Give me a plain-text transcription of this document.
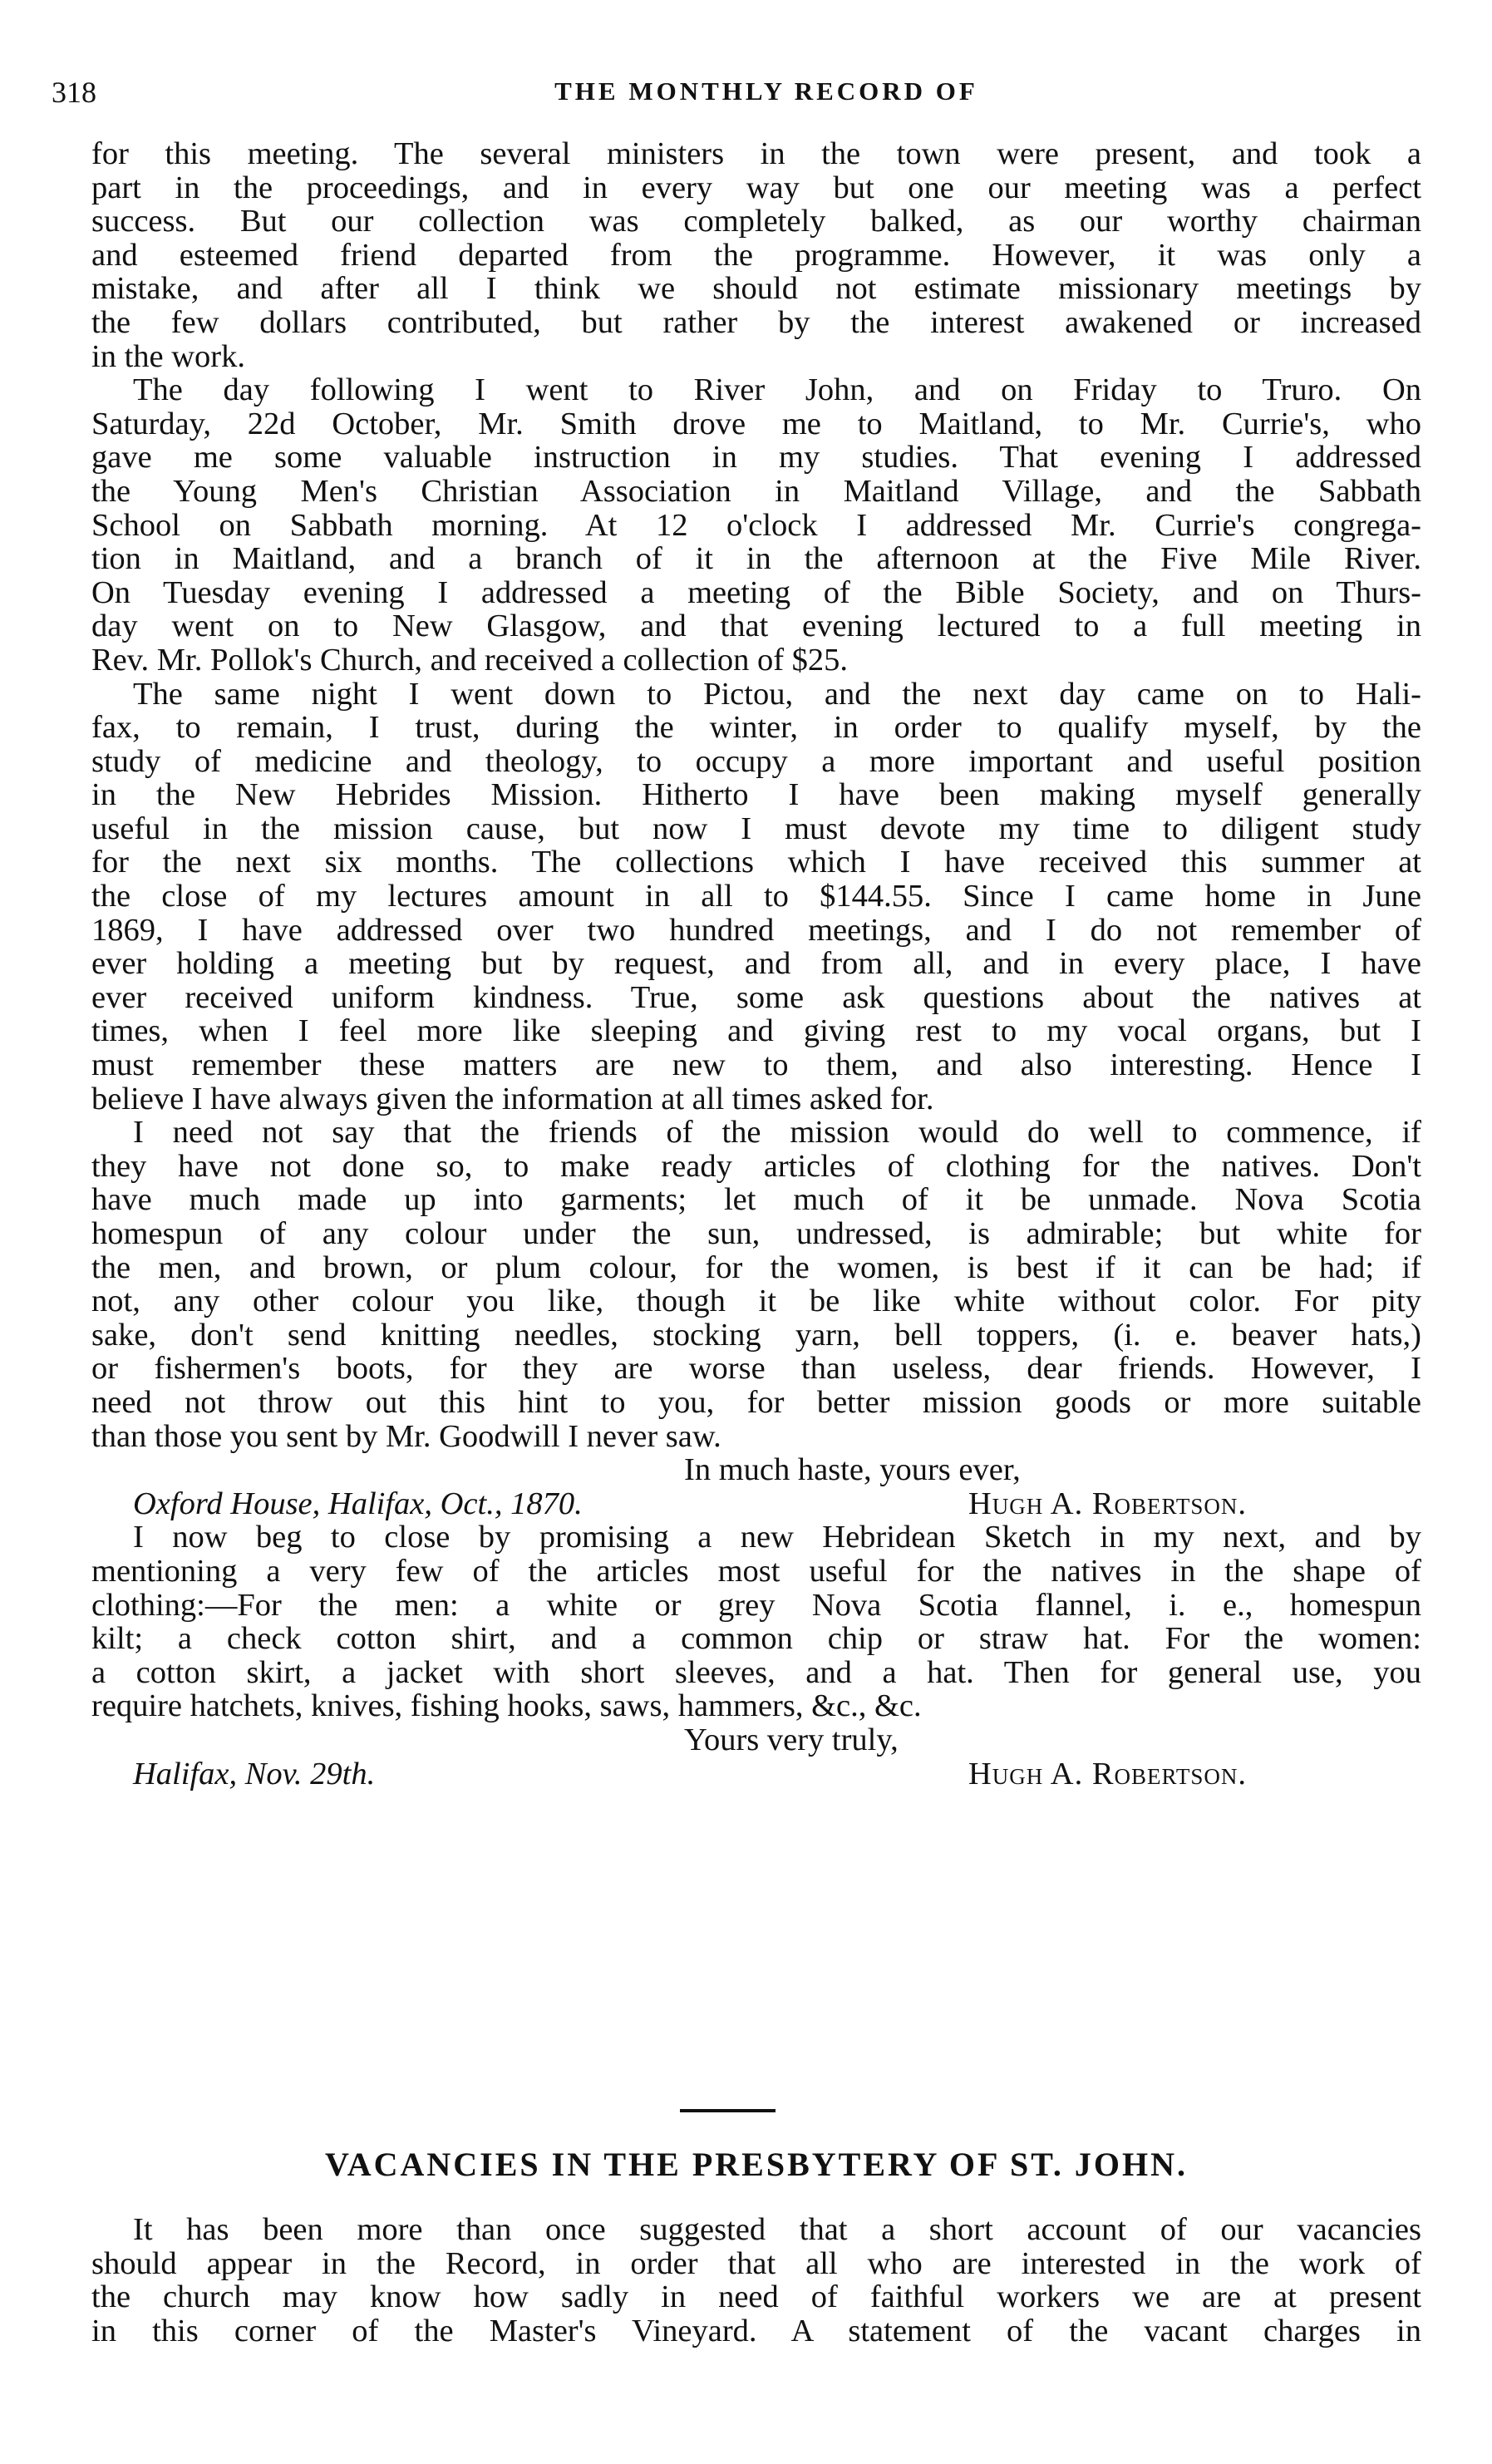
318	THE MONTHLY RECORD OF
for this meeting. The several ministers in the town were present, and took a
part in the proceedings, and in every way but one our meeting was a perfect
success. But our collection was completely balked, as our worthy chairman
and esteemed friend departed from the programme. However, it was only a
mistake, and after all I think we should not estimate missionary meetings by
the few dollars contributed, but rather by the interest awakened or increased
in the work.
The day following I went to River John, and on Friday to Truro. On
Saturday, 22d October, Mr. Smith drove me to Maitland, to Mr. Currie's, who
gave me some valuable instruction in my studies. That evening I addressed
the Young Men's Christian Association in Maitland Village, and the Sabbath
School on Sabbath morning. At 12 o'clock I addressed Mr. Currie's congrega-
tion in Maitland, and a branch of it in the afternoon at the Five Mile River.
On Tuesday evening I addressed a meeting of the Bible Society, and on Thurs-
day went on to New Glasgow, and that evening lectured to a full meeting in
Rev. Mr. Pollok's Church, and received a collection of $25.
The same night I went down to Pictou, and the next day came on to Hali-
fax, to remain, I trust, during the winter, in order to qualify myself, by the
study of medicine and theology, to occupy a more important and useful position
in the New Hebrides Mission. Hitherto I have been making myself generally
useful in the mission cause, but now I must devote my time to diligent study
for the next six months. The collections which I have received this summer at
the close of my lectures amount in all to $144.55. Since I came home in June
1869, I have addressed over two hundred meetings, and I do not remember of
ever holding a meeting but by request, and from all, and in every place, I have
ever received uniform kindness. True, some ask questions about the natives at
times, when I feel more like sleeping and giving rest to my vocal organs, but I
must remember these matters are new to them, and also interesting. Hence I
believe I have always given the information at all times asked for.
I need not say that the friends of the mission would do well to commence, if
they have not done so, to make ready articles of clothing for the natives. Don't
have much made up into garments; let much of it be unmade. Nova Scotia
homespun of any colour under the sun, undressed, is admirable; but white for
the men, and brown, or plum colour, for the women, is best if it can be had; if
not, any other colour you like, though it be like white without color. For pity
sake, don't send knitting needles, stocking yarn, bell toppers, (i. e. beaver hats,)
or fishermen's boots, for they are worse than useless, dear friends. However, I
need not throw out this hint to you, for better mission goods or more suitable
than those you sent by Mr. Goodwill I never saw.
In much haste, yours ever,
Oxford House, Halifax, Oct., 1870.	Hugh A. Robertson.
I now beg to close by promising a new Hebridean Sketch in my next, and by
mentioning a very few of the articles most useful for the natives in the shape of
clothing:—For the men: a white or grey Nova Scotia flannel, i. e., homespun
kilt; a check cotton shirt, and a common chip or straw hat. For the women:
a cotton skirt, a jacket with short sleeves, and a hat. Then for general use, you
require hatchets, knives, fishing hooks, saws, hammers, &c., &c.
Yours very truly,
Halifax, Nov. 29th.	Hugh A. Robertson.
VACANCIES IN THE PRESBYTERY OF ST. JOHN.
It has been more than once suggested that a short account of our vacancies
should appear in the Record, in order that all who are interested in the work of
the church may know how sadly in need of faithful workers we are at present
in this corner of the Master's Vineyard. A statement of the vacant charges in
